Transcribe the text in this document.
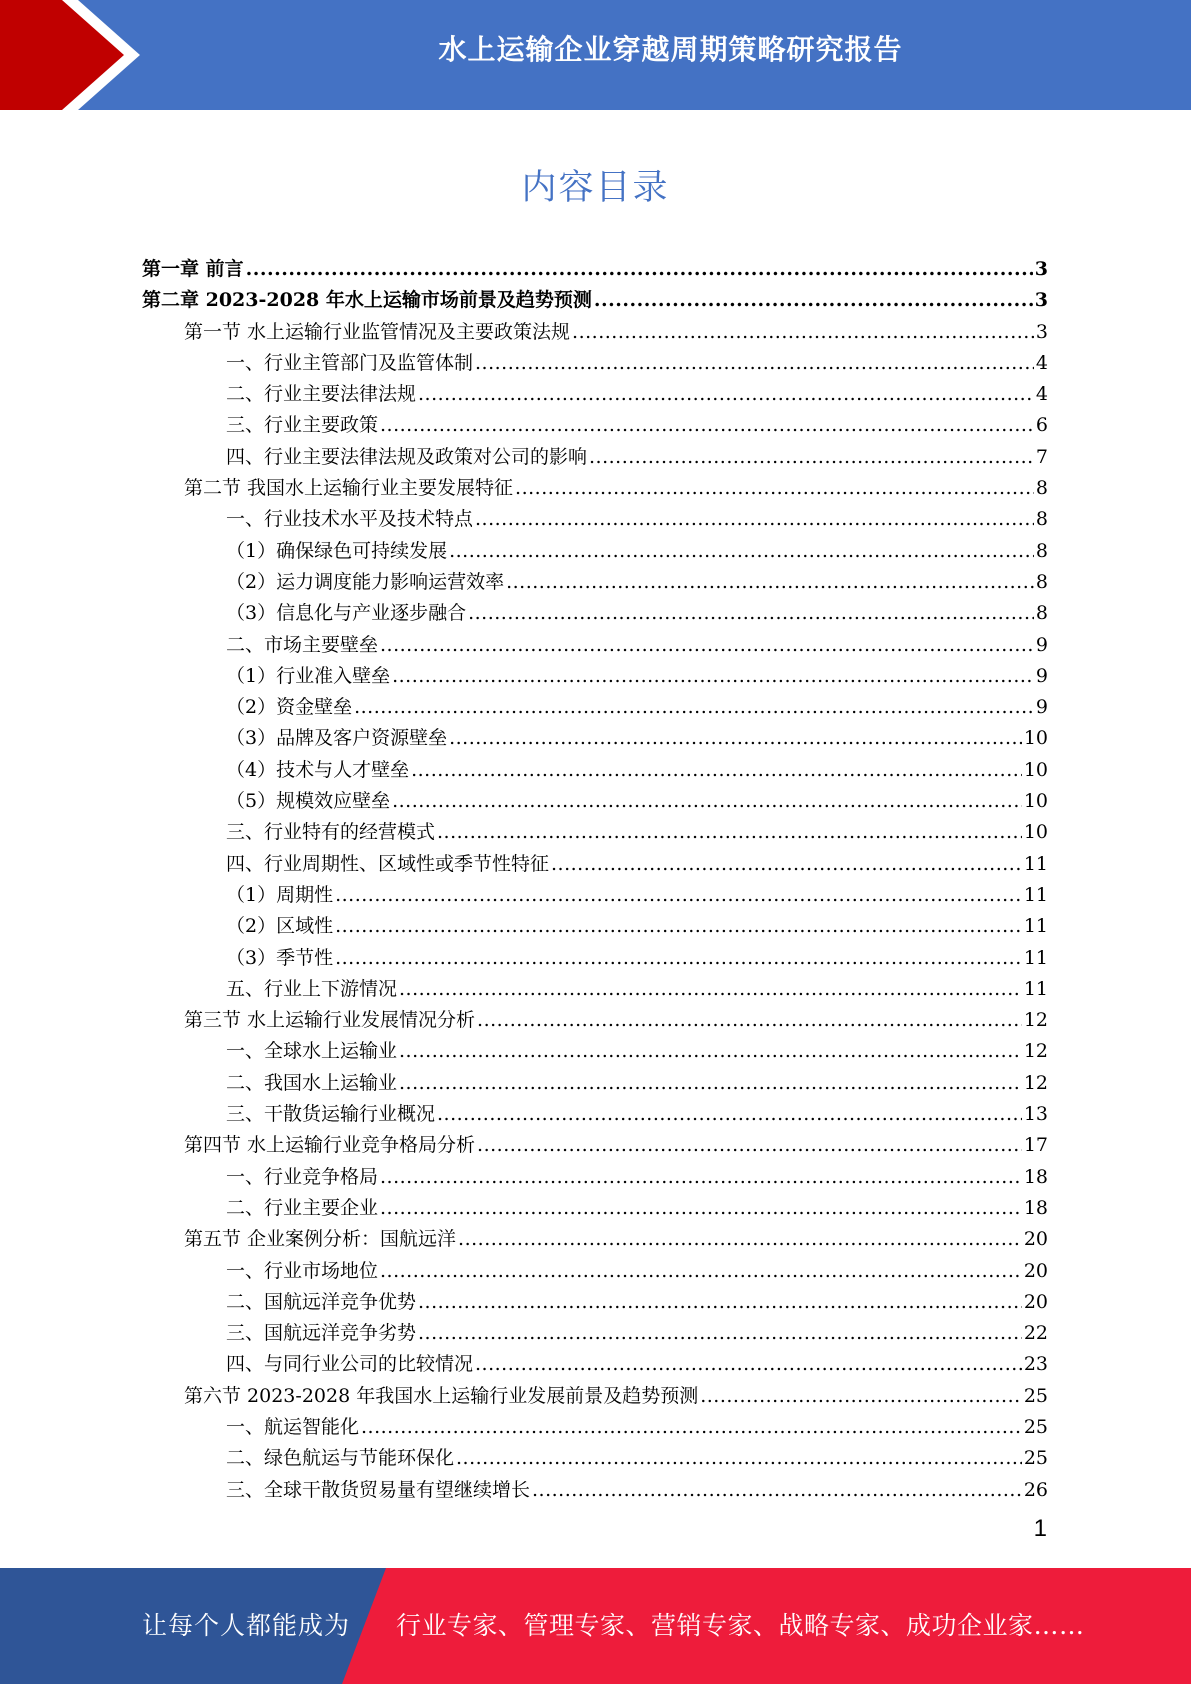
水上运输企业穿越周期策略研究报告
内容目录
第一章 前言 .....	3
第二章 2023-2028 年水上运输市场前景及趋势预测 .....	3
第一节 水上运输行业监管情况及主要政策法规 .....	3
一、行业主管部门及监管体制 .....	4
二、行业主要法律法规 .....	4
三、行业主要政策 .....	6
四、行业主要法律法规及政策对公司的影响 .....	7
第二节 我国水上运输行业主要发展特征 .....	8
一、行业技术水平及技术特点 .....	8
（1）确保绿色可持续发展 .....	8
（2）运力调度能力影响运营效率 .....	8
（3）信息化与产业逐步融合 .....	8
二、市场主要壁垒 .....	9
（1）行业准入壁垒 .....	9
（2）资金壁垒 .....	9
（3）品牌及客户资源壁垒 .....	10
（4）技术与人才壁垒 .....	10
（5）规模效应壁垒 .....	10
三、行业特有的经营模式 .....	10
四、行业周期性、区域性或季节性特征 .....	11
（1）周期性 .....	11
（2）区域性 .....	11
（3）季节性 .....	11
五、行业上下游情况 .....	11
第三节 水上运输行业发展情况分析 .....	12
一、全球水上运输业 .....	12
二、我国水上运输业 .....	12
三、干散货运输行业概况 .....	13
第四节 水上运输行业竞争格局分析 .....	17
一、行业竞争格局 .....	18
二、行业主要企业 .....	18
第五节 企业案例分析：国航远洋 .....	20
一、行业市场地位 .....	20
二、国航远洋竞争优势 .....	20
三、国航远洋竞争劣势 .....	22
四、与同行业公司的比较情况 .....	23
第六节 2023-2028 年我国水上运输行业发展前景及趋势预测 .....	25
一、航运智能化 .....	25
二、绿色航运与节能环保化 .....	25
三、全球干散货贸易量有望继续增长 .....	26
1
让每个人都能成为 行业专家、管理专家、营销专家、战略专家、成功企业家……
